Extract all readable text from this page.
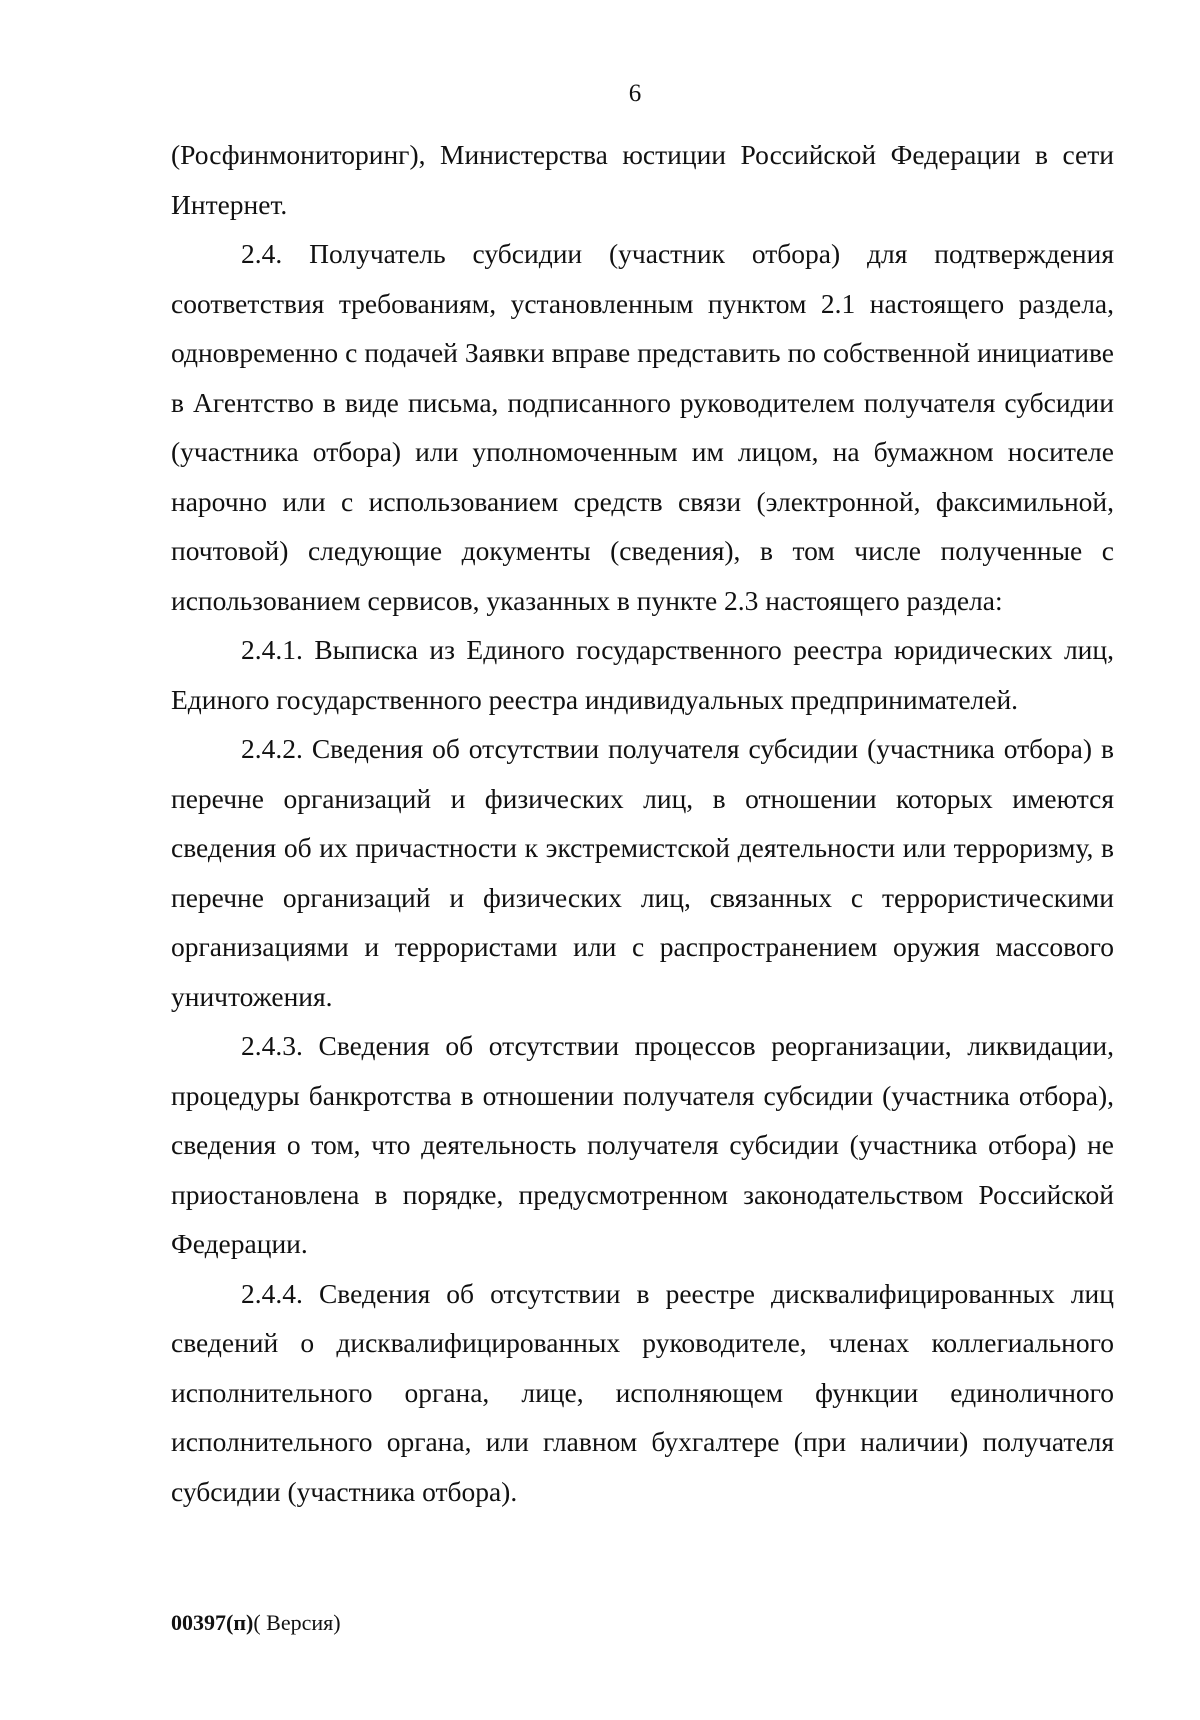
6

(Росфинмониторинг), Министерства юстиции Российской Федерации в сети Интернет.

2.4. Получатель субсидии (участник отбора) для подтверждения соответствия требованиям, установленным пунктом 2.1 настоящего раздела, одновременно с подачей Заявки вправе представить по собственной инициативе в Агентство в виде письма, подписанного руководителем получателя субсидии (участника отбора) или уполномоченным им лицом, на бумажном носителе нарочно или с использованием средств связи (электронной, факсимильной, почтовой) следующие документы (сведения), в том числе полученные с использованием сервисов, указанных в пункте 2.3 настоящего раздела:

2.4.1. Выписка из Единого государственного реестра юридических лиц, Единого государственного реестра индивидуальных предпринимателей.

2.4.2. Сведения об отсутствии получателя субсидии (участника отбора) в перечне организаций и физических лиц, в отношении которых имеются сведения об их причастности к экстремистской деятельности или терроризму, в перечне организаций и физических лиц, связанных с террористическими организациями и террористами или с распространением оружия массового уничтожения.

2.4.3. Сведения об отсутствии процессов реорганизации, ликвидации, процедуры банкротства в отношении получателя субсидии (участника отбора), сведения о том, что деятельность получателя субсидии (участника отбора) не приостановлена в порядке, предусмотренном законодательством Российской Федерации.

2.4.4. Сведения об отсутствии в реестре дисквалифицированных лиц сведений о дисквалифицированных руководителе, членах коллегиального исполнительного органа, лице, исполняющем функции единоличного исполнительного органа, или главном бухгалтере (при наличии) получателя субсидии (участника отбора).

00397(п)( Версия)
